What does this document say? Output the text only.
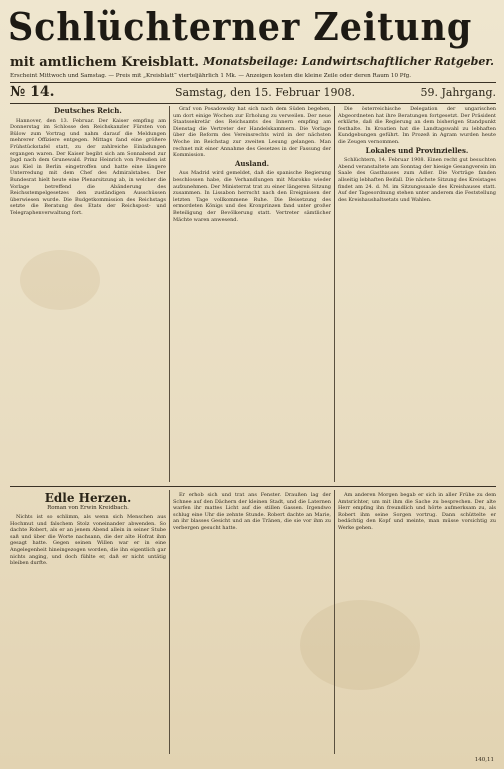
Schlüchterner Zeitung
mit amtlichem Kreisblatt. Monatsbeilage: Landwirtschaftlicher Ratgeber.
Erscheint Mittwoch und Samstag. — Preis mit „Kreisblatt“ vierteljährlich 1 Mk. — Anzeigen kosten die kleine Zeile oder deren Raum 10 Pfg.
№ 14.	Samstag, den 15. Februar 1908.	59. Jahrgang.
Deutsches Reich.

Hannover, den 13. Februar. Der Kaiser empfing am Donnerstag im Schlosse den Reichskanzler Fürsten von Bülow zum Vortrag und nahm darauf die Meldungen mehrerer Offiziere entgegen. Mittags fand eine größere Frühstückstafel statt, zu der zahlreiche Einladungen ergangen waren. Der Kaiser begibt sich am Sonnabend zur Jagd nach dem Grunewald. Prinz Heinrich von Preußen ist aus Kiel in Berlin eingetroffen und hatte eine längere Unterredung mit dem Chef des Admiralstabes. Der Bundesrat hielt heute eine Plenarsitzung ab, in welcher die Vorlage betreffend die Abänderung des Reichsstempelgesetzes den zuständigen Ausschüssen überwiesen wurde. Die Budgetkommission des Reichstags setzte die Beratung des Etats der Reichspost- und Telegraphenverwaltung fort.

Graf von Posadowsky hat sich nach dem Süden begeben, um dort einige Wochen zur Erholung zu verweilen. Der neue Staatssekretär des Reichsamts des Innern empfing am Dienstag die Vertreter der Handelskammern. Die Vorlage über die Reform des Vereinsrechts wird in der nächsten Woche im Reichstag zur zweiten Lesung gelangen. Man rechnet mit einer Annahme des Gesetzes in der Fassung der Kommission.

Ausland.

Aus Madrid wird gemeldet, daß die spanische Regierung beschlossen habe, die Verhandlungen mit Marokko wieder aufzunehmen. Der Ministerrat trat zu einer längeren Sitzung zusammen. In Lissabon herrscht nach den Ereignissen der letzten Tage vollkommene Ruhe. Die Beisetzung des ermordeten Königs und des Kronprinzen fand unter großer Beteiligung der Bevölkerung statt. Vertreter sämtlicher Mächte waren anwesend.

Die österreichische Delegation der ungarischen Abgeordneten hat ihre Beratungen fortgesetzt. Der Präsident erklärte, daß die Regierung an dem bisherigen Standpunkt festhalte. In Kroatien hat die Landtagswahl zu lebhaften Kundgebungen geführt. Im Prozeß in Agram wurden heute die Zeugen vernommen.

Lokales und Provinzielles.

Schlüchtern, 14. Februar 1908. Einen recht gut besuchten Abend veranstaltete am Sonntag der hiesige Gesangverein im Saale des Gasthauses zum Adler. Die Vorträge fanden allseitig lebhaften Beifall. Die nächste Sitzung des Kreistages findet am 24. d. M. im Sitzungssaale des Kreishauses statt. Auf der Tagesordnung stehen unter anderem die Feststellung des Kreishaushaltsetats und Wahlen.

Edle Herzen.
Roman von Erwin Kreidbach.

Nichts ist so schlimm, als wenn sich Menschen aus Hochmut und falschem Stolz voneinander abwenden. So dachte Robert, als er an jenem Abend allein in seiner Stube saß und über die Worte nachsann, die der alte Hofrat ihm gesagt hatte. Gegen seinen Willen war er in eine Angelegenheit hineingezogen worden, die ihn eigentlich gar nichts anging, und doch fühlte er, daß er nicht untätig bleiben durfte.

Er erhob sich und trat ans Fenster. Draußen lag der Schnee auf den Dächern der kleinen Stadt, und die Laternen warfen ihr mattes Licht auf die stillen Gassen. Irgendwo schlug eine Uhr die zehnte Stunde. Robert dachte an Marie, an ihr blasses Gesicht und an die Tränen, die sie vor ihm zu verbergen gesucht hatte.

Am anderen Morgen begab er sich in aller Frühe zu dem Amtsrichter, um mit ihm die Sache zu besprechen. Der alte Herr empfing ihn freundlich und hörte aufmerksam zu, als Robert ihm seine Sorgen vortrug. Dann schüttelte er bedächtig den Kopf und meinte, man müsse vorsichtig zu Werke gehen.

140,11
